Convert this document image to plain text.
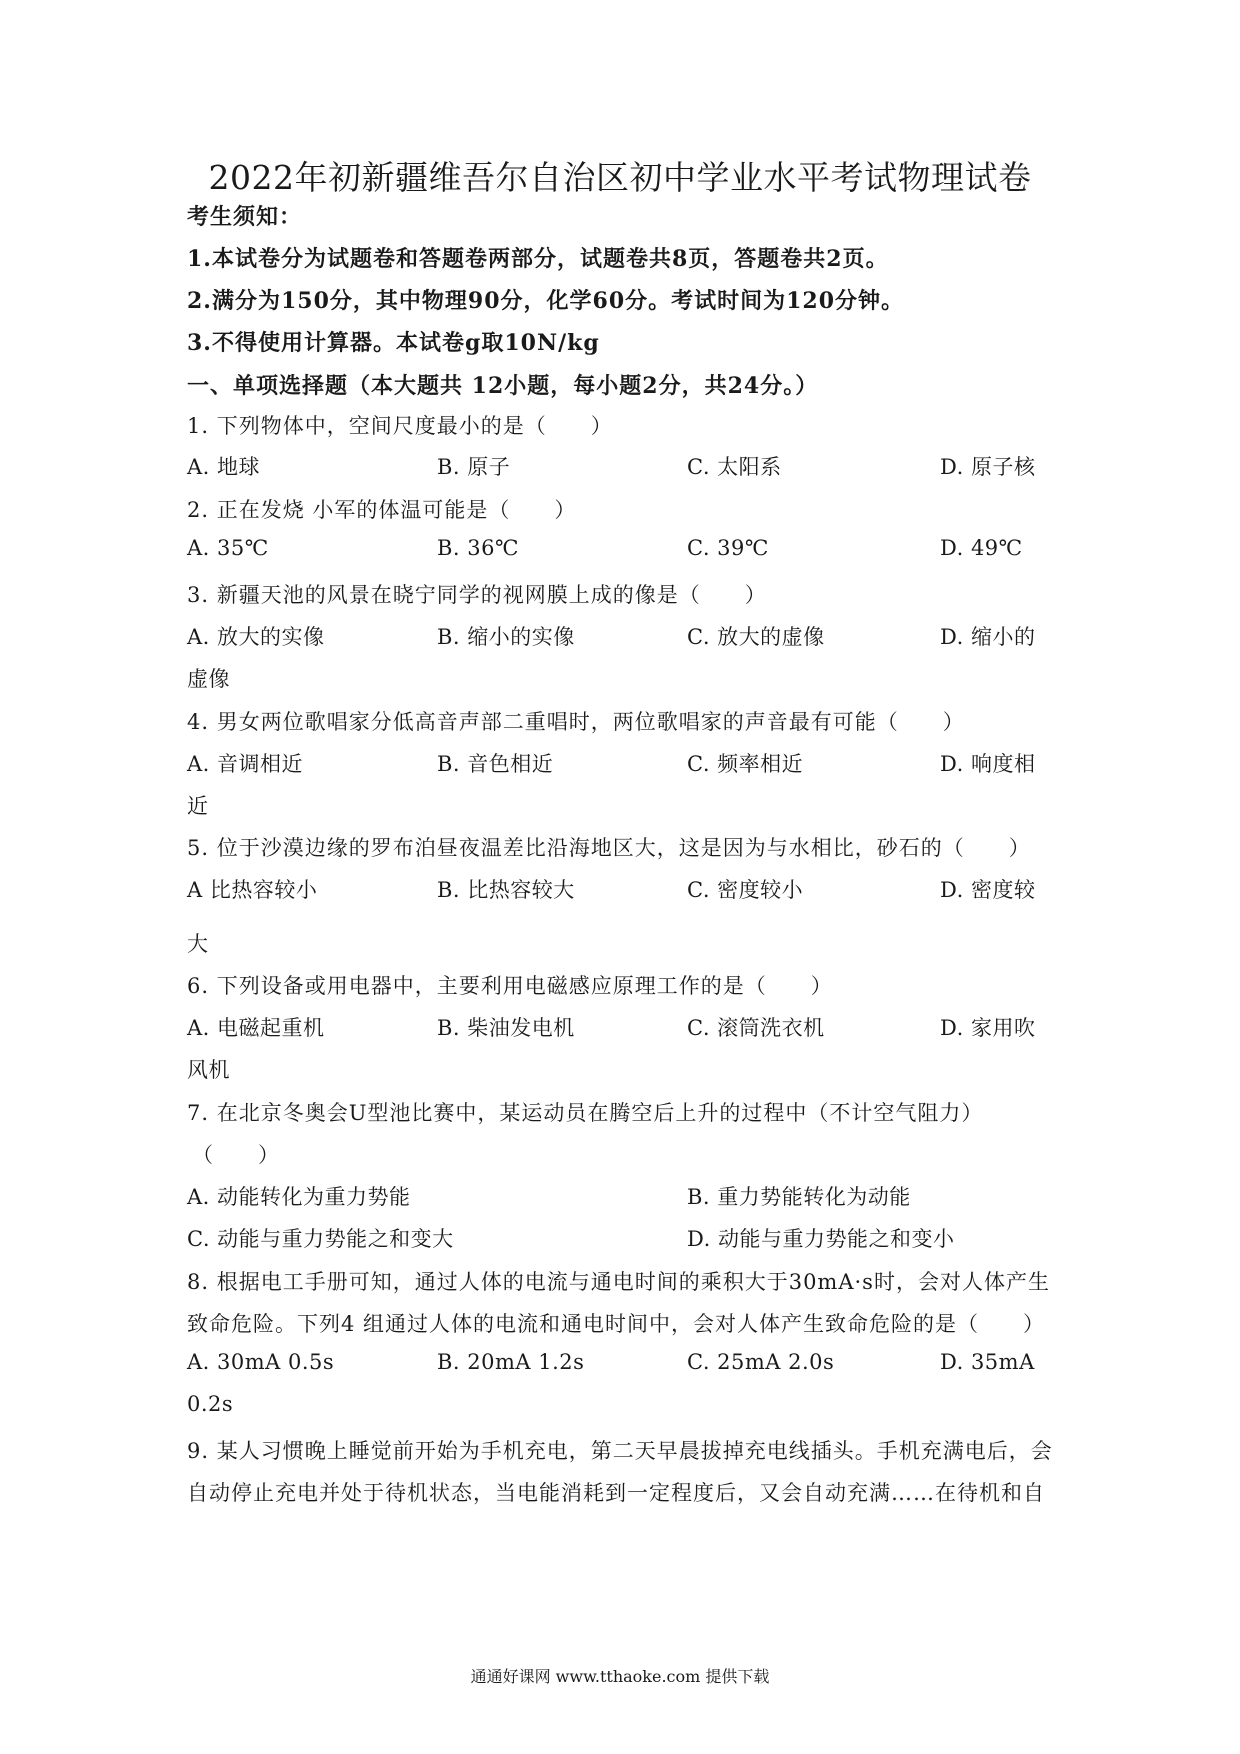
2022年初新疆维吾尔自治区初中学业水平考试物理试卷
考生须知：
1.本试卷分为试题卷和答题卷两部分，试题卷共8页，答题卷共2页。
2.满分为150分，其中物理90分，化学60分。考试时间为120分钟。
3.不得使用计算器。本试卷g取10N/kg
一、单项选择题（本大题共 12小题，每小题2分，共24分。）
1. 下列物体中，空间尺度最小的是（　　）
A. 地球	B. 原子	C. 太阳系	D. 原子核
2. 正在发烧 小军的体温可能是（　　）
A. 35℃	B. 36℃	C. 39℃	D. 49℃
3. 新疆天池的风景在晓宁同学的视网膜上成的像是（　　）
A. 放大的实像	B. 缩小的实像	C. 放大的虚像	D. 缩小的
虚像
4. 男女两位歌唱家分低高音声部二重唱时，两位歌唱家的声音最有可能（　　）
A. 音调相近	B. 音色相近	C. 频率相近	D. 响度相
近
5. 位于沙漠边缘的罗布泊昼夜温差比沿海地区大，这是因为与水相比，砂石的（　　）
A 比热容较小	B. 比热容较大	C. 密度较小	D. 密度较
大
6. 下列设备或用电器中，主要利用电磁感应原理工作的是（　　）
A. 电磁起重机	B. 柴油发电机	C. 滚筒洗衣机	D. 家用吹
风机
7. 在北京冬奥会U型池比赛中，某运动员在腾空后上升的过程中（不计空气阻力）
（　　）
A. 动能转化为重力势能	B. 重力势能转化为动能
C. 动能与重力势能之和变大	D. 动能与重力势能之和变小
8. 根据电工手册可知，通过人体的电流与通电时间的乘积大于30mA·s时，会对人体产生
致命危险。下列4 组通过人体的电流和通电时间中，会对人体产生致命危险的是（　　）
A. 30mA 0.5s	B. 20mA 1.2s	C. 25mA 2.0s	D. 35mA
0.2s
9. 某人习惯晚上睡觉前开始为手机充电，第二天早晨拔掉充电线插头。手机充满电后，会
自动停止充电并处于待机状态，当电能消耗到一定程度后，又会自动充满……在待机和自
通通好课网 www.tthaoke.com 提供下载
